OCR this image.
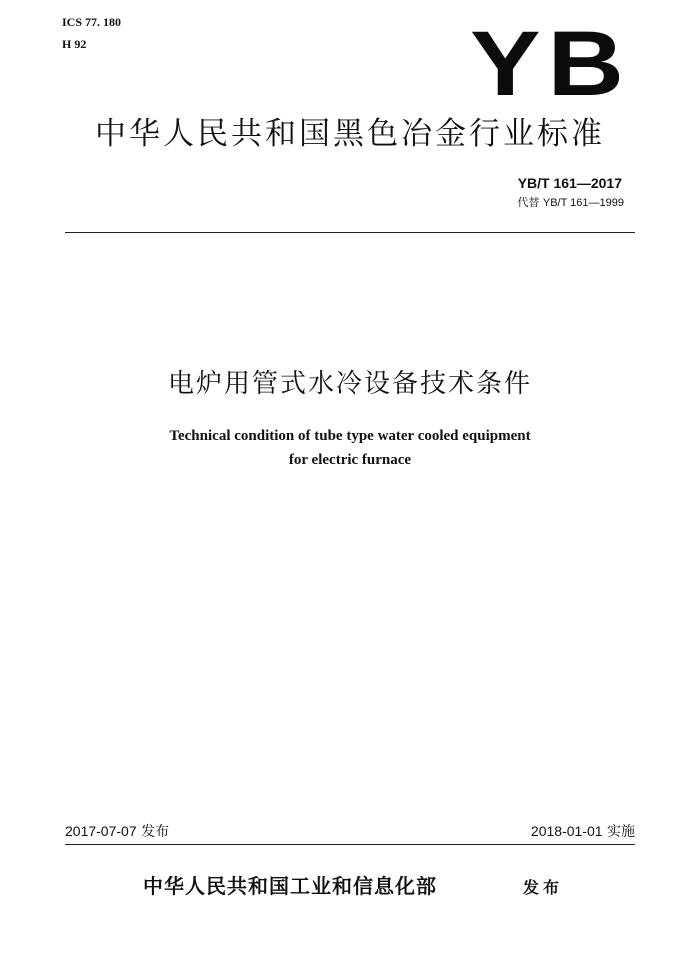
ICS 77. 180
H 92	YB
中华人民共和国黑色冶金行业标准
YB/T 161—2017
代替 YB/T 161—1999
电炉用管式水冷设备技术条件
Technical condition of tube type water cooled equipment
for electric furnace
2017-07-07 发布	2018-01-01 实施
中华人民共和国工业和信息化部	发布
